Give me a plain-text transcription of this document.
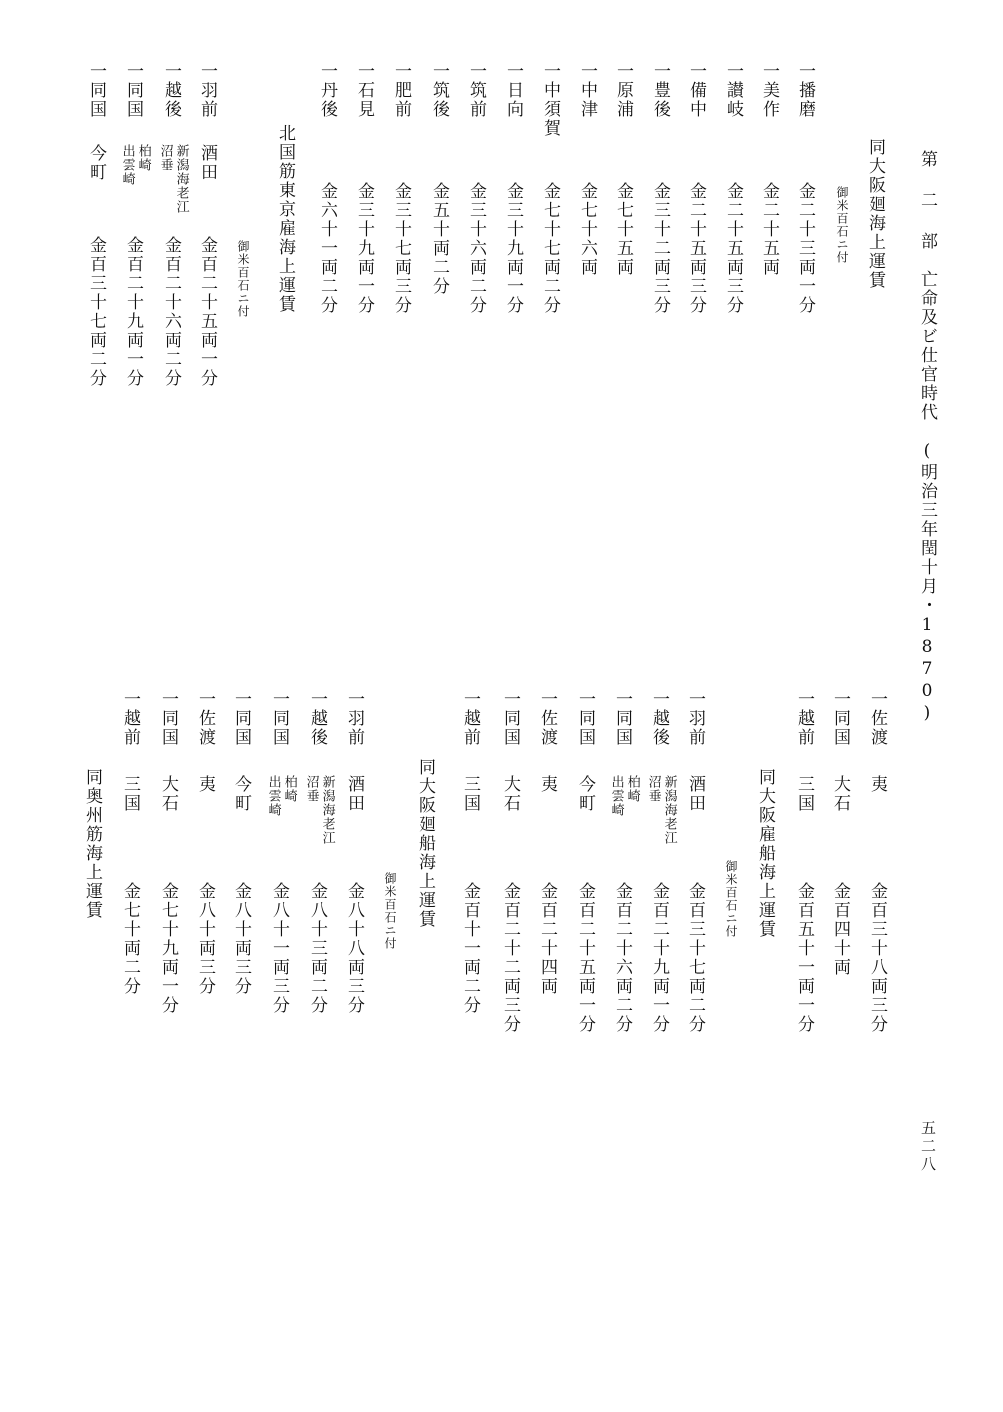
第 二 部　亡命及ビ仕官時代　(明治三年閏十月・1870)
五二八
同大阪廻海上運賃
御米百石ニ付
一播磨
金二十三両一分
一美作
金二十五両
一讃岐
金二十五両三分
一備中
金二十五両三分
一豊後
金三十二両三分
一原浦
金七十五両
一中津
金七十六両
一中須賀
金七十七両二分
一日向
金三十九両一分
一筑前
金三十六両二分
一筑後
金五十両二分
一肥前
金三十七両三分
一石見
金三十九両一分
一丹後
金六十一両二分
北国筋東京雇海上運賃
御米百石ニ付
一羽前
酒田
金百二十五両一分
一越後
新潟海老江
沼垂
金百二十六両二分
一同国
柏崎
出雲崎
金百二十九両一分
一同国
今町
金百三十七両二分
一佐渡
夷
金百三十八両三分
一同国
大石
金百四十両
一越前
三国
金百五十一両一分
同大阪雇船海上運賃
御米百石ニ付
一羽前
酒田
金百三十七両二分
一越後
新潟海老江
沼垂
金百二十九両一分
一同国
柏崎
出雲崎
金百二十六両二分
一同国
今町
金百二十五両一分
一佐渡
夷
金百二十四両
一同国
大石
金百二十二両三分
一越前
三国
金百十一両二分
同大阪廻船海上運賃
御米百石ニ付
一羽前
酒田
金八十八両三分
一越後
新潟海老江
沼垂
金八十三両二分
一同国
柏崎
出雲崎
金八十一両三分
一同国
今町
金八十両三分
一佐渡
夷
金八十両三分
一同国
大石
金七十九両一分
一越前
三国
金七十両二分
同奥州筋海上運賃
